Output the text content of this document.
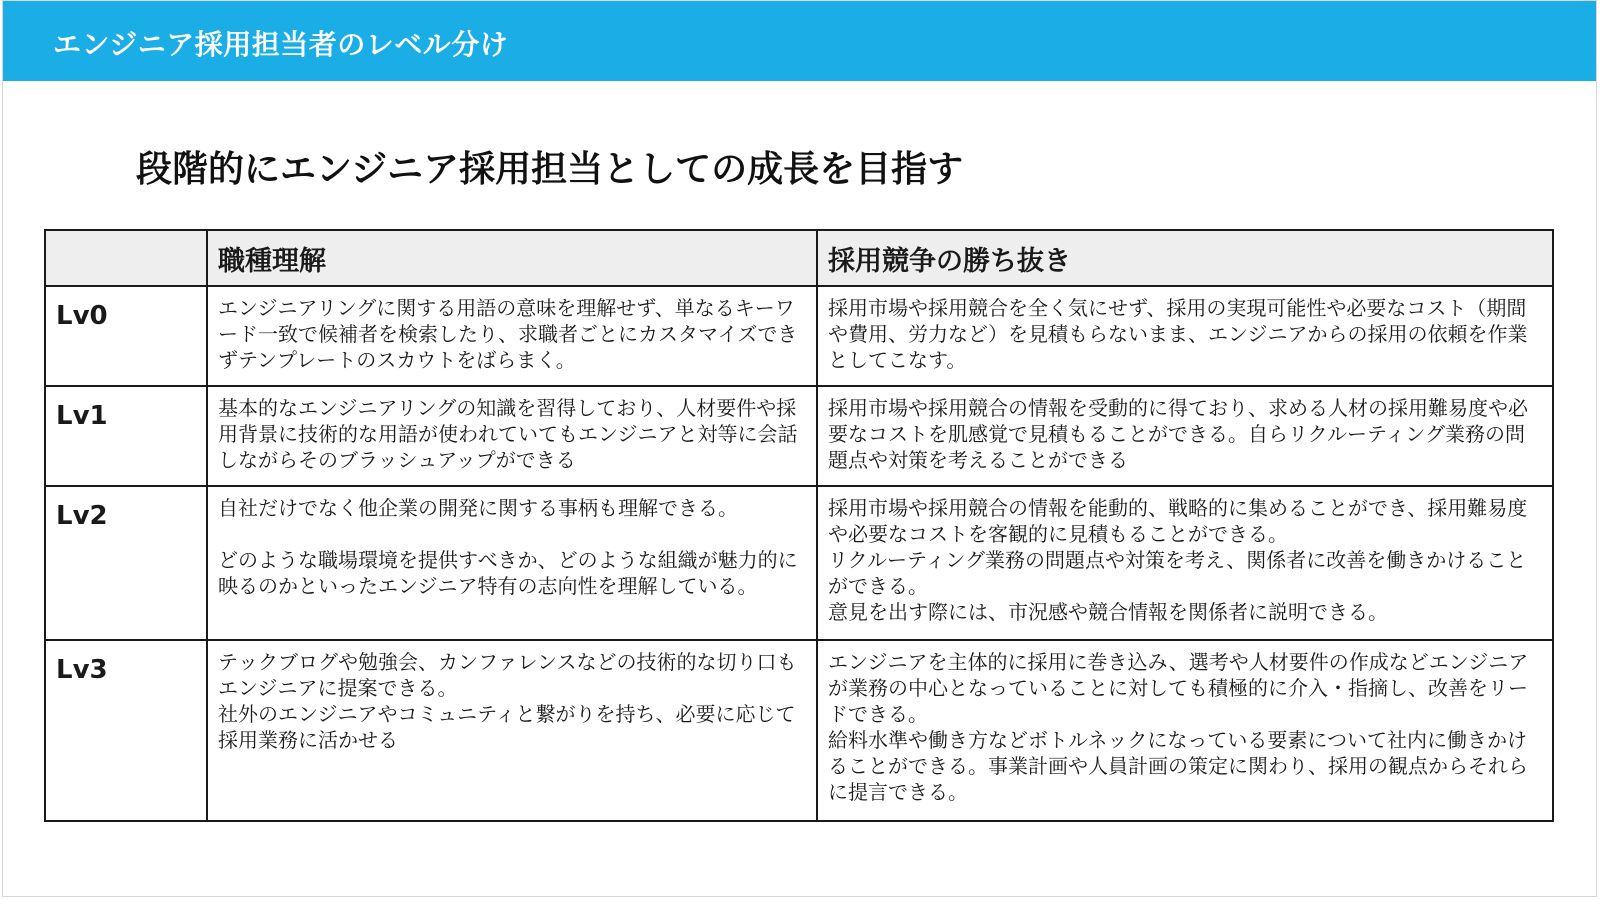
エンジニア採用担当者のレベル分け
段階的にエンジニア採用担当としての成長を目指す
	職種理解	採用競争の勝ち抜き
Lv0	エンジニアリングに関する用語の意味を理解せず、単なるキーワード一致で候補者を検索したり、求職者ごとにカスタマイズできずテンプレートのスカウトをばらまく。	採用市場や採用競合を全く気にせず、採用の実現可能性や必要なコスト（期間や費用、労力など）を見積もらないまま、エンジニアからの採用の依頼を作業としてこなす。
Lv1	基本的なエンジニアリングの知識を習得しており、人材要件や採用背景に技術的な用語が使われていてもエンジニアと対等に会話しながらそのブラッシュアップができる	採用市場や採用競合の情報を受動的に得ており、求める人材の採用難易度や必要なコストを肌感覚で見積もることができる。自らリクルーティング業務の問題点や対策を考えることができる
Lv2	自社だけでなく他企業の開発に関する事柄も理解できる。

どのような職場環境を提供すべきか、どのような組織が魅力的に映るのかといったエンジニア特有の志向性を理解している。	採用市場や採用競合の情報を能動的、戦略的に集めることができ、採用難易度や必要なコストを客観的に見積もることができる。
リクルーティング業務の問題点や対策を考え、関係者に改善を働きかけることができる。
意見を出す際には、市況感や競合情報を関係者に説明できる。
Lv3	テックブログや勉強会、カンファレンスなどの技術的な切り口もエンジニアに提案できる。
社外のエンジニアやコミュニティと繋がりを持ち、必要に応じて採用業務に活かせる	エンジニアを主体的に採用に巻き込み、選考や人材要件の作成などエンジニアが業務の中心となっていることに対しても積極的に介入・指摘し、改善をリードできる。
給料水準や働き方などボトルネックになっている要素について社内に働きかけることができる。事業計画や人員計画の策定に関わり、採用の観点からそれらに提言できる。
